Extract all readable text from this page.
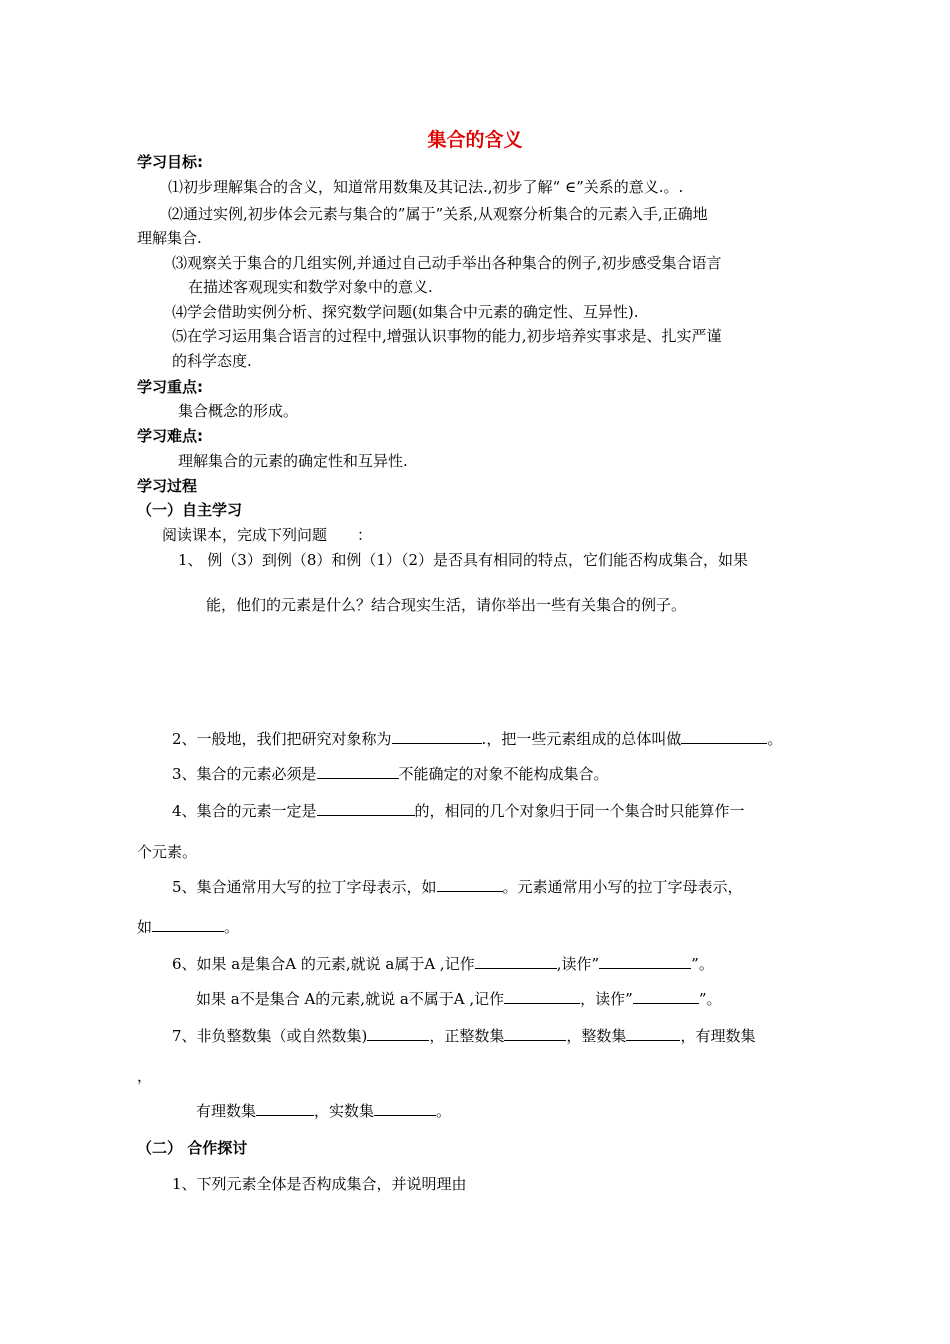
集合的含义
学习目标:
⑴初步理解集合的含义，知道常用数集及其记法.,初步了解“ ∈”关系的意义.。.
⑵通过实例,初步体会元素与集合的”属于”关系,从观察分析集合的元素入手,正确地
理解集合.
⑶观察关于集合的几组实例,并通过自己动手举出各种集合的例子,初步感受集合语言
在描述客观现实和数学对象中的意义.
⑷学会借助实例分析、探究数学问题(如集合中元素的确定性、互异性).
⑸在学习运用集合语言的过程中,增强认识事物的能力,初步培养实事求是、扎实严谨
的科学态度.
学习重点:
集合概念的形成。
学习难点:
理解集合的元素的确定性和互异性.
学习过程
（一）自主学习
阅读课本，完成下列问题　　：
1、 例（3）到例（8）和例（1）（2）是否具有相同的特点，它们能否构成集合，如果
能，他们的元素是什么？结合现实生活，请你举出一些有关集合的例子。
2、一般地，我们把研究对象称为	.，把一些元素组成的总体叫做	。
3、集合的元素必须是	不能确定的对象不能构成集合。
4、集合的元素一定是	的，相同的几个对象归于同一个集合时只能算作一
个元素。
5、集合通常用大写的拉丁字母表示，如	。元素通常用小写的拉丁字母表示，
如	。
6、如果 a是集合A 的元素,就说 a属于A ,记作	,读作”	”。
如果 a不是集合 A的元素,就说 a不属于A ,记作	，读作”	”。
7、非负整数集（或自然数集)	，正整数集	，整数集	，有理数集
，
有理数集	，实数集	。
（二） 合作探讨
1、下列元素全体是否构成集合，并说明理由
